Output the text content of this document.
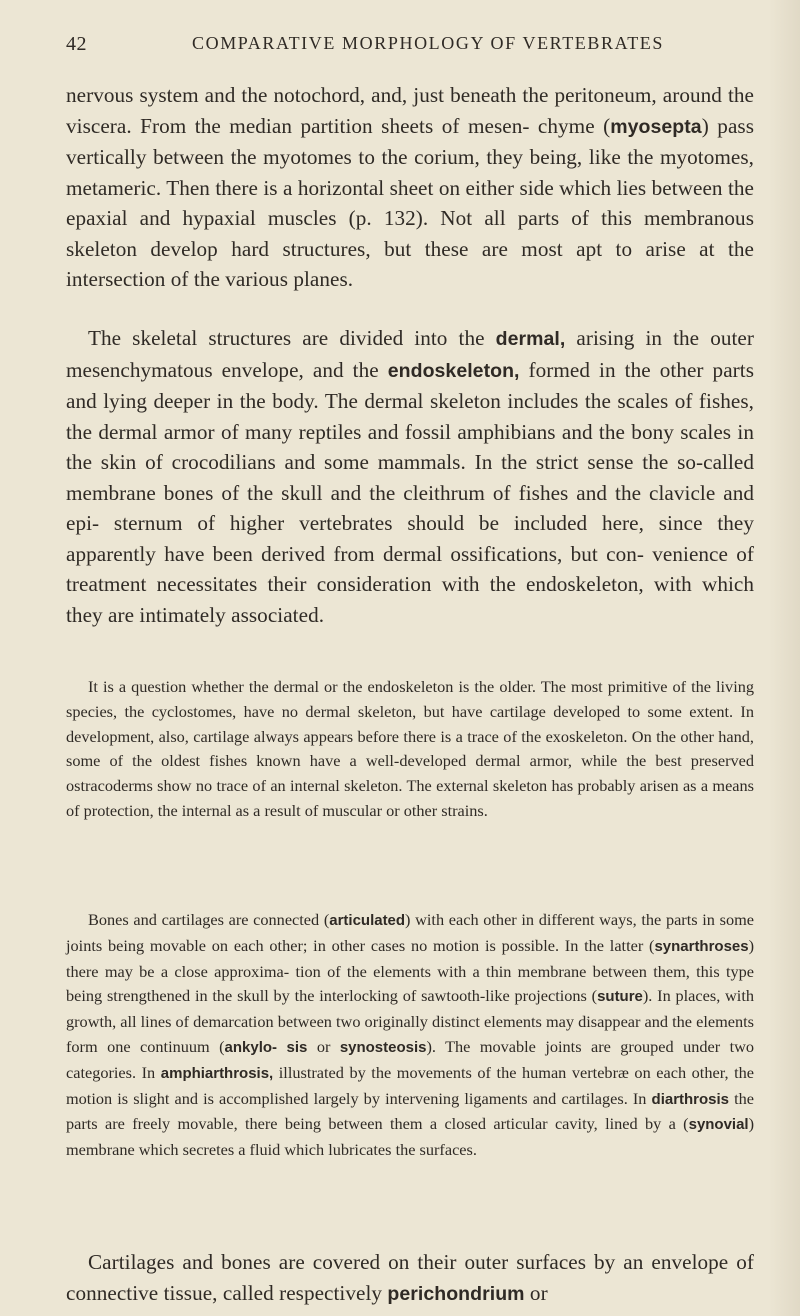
42	COMPARATIVE MORPHOLOGY OF VERTEBRATES

nervous system and the notochord, and, just beneath the peritoneum, around the viscera. From the median partition sheets of mesen- chyme (myosepta) pass vertically between the myotomes to the corium, they being, like the myotomes, metameric. Then there is a horizontal sheet on either side which lies between the epaxial and hypaxial muscles (p. 132). Not all parts of this membranous skeleton develop hard structures, but these are most apt to arise at the intersection of the various planes.

The skeletal structures are divided into the dermal, arising in the outer mesenchymatous envelope, and the endoskeleton, formed in the other parts and lying deeper in the body. The dermal skeleton includes the scales of fishes, the dermal armor of many reptiles and fossil amphibians and the bony scales in the skin of crocodilians and some mammals. In the strict sense the so-called membrane bones of the skull and the cleithrum of fishes and the clavicle and epi- sternum of higher vertebrates should be included here, since they apparently have been derived from dermal ossifications, but con- venience of treatment necessitates their consideration with the endoskeleton, with which they are intimately associated.

It is a question whether the dermal or the endoskeleton is the older. The most primitive of the living species, the cyclostomes, have no dermal skeleton, but have cartilage developed to some extent. In development, also, cartilage always appears before there is a trace of the exoskeleton. On the other hand, some of the oldest fishes known have a well-developed dermal armor, while the best preserved ostracoderms show no trace of an internal skeleton. The external skeleton has probably arisen as a means of protection, the internal as a result of muscular or other strains.

Bones and cartilages are connected (articulated) with each other in different ways, the parts in some joints being movable on each other; in other cases no motion is possible. In the latter (synarthroses) there may be a close approxima- tion of the elements with a thin membrane between them, this type being strengthened in the skull by the interlocking of sawtooth-like projections (suture). In places, with growth, all lines of demarcation between two originally distinct elements may disappear and the elements form one continuum (ankylo- sis or synosteosis). The movable joints are grouped under two categories. In amphiarthrosis, illustrated by the movements of the human vertebræ on each other, the motion is slight and is accomplished largely by intervening ligaments and cartilages. In diarthrosis the parts are freely movable, there being between them a closed articular cavity, lined by a (synovial) membrane which secretes a fluid which lubricates the surfaces.

Cartilages and bones are covered on their outer surfaces by an envelope of connective tissue, called respectively perichondrium or
